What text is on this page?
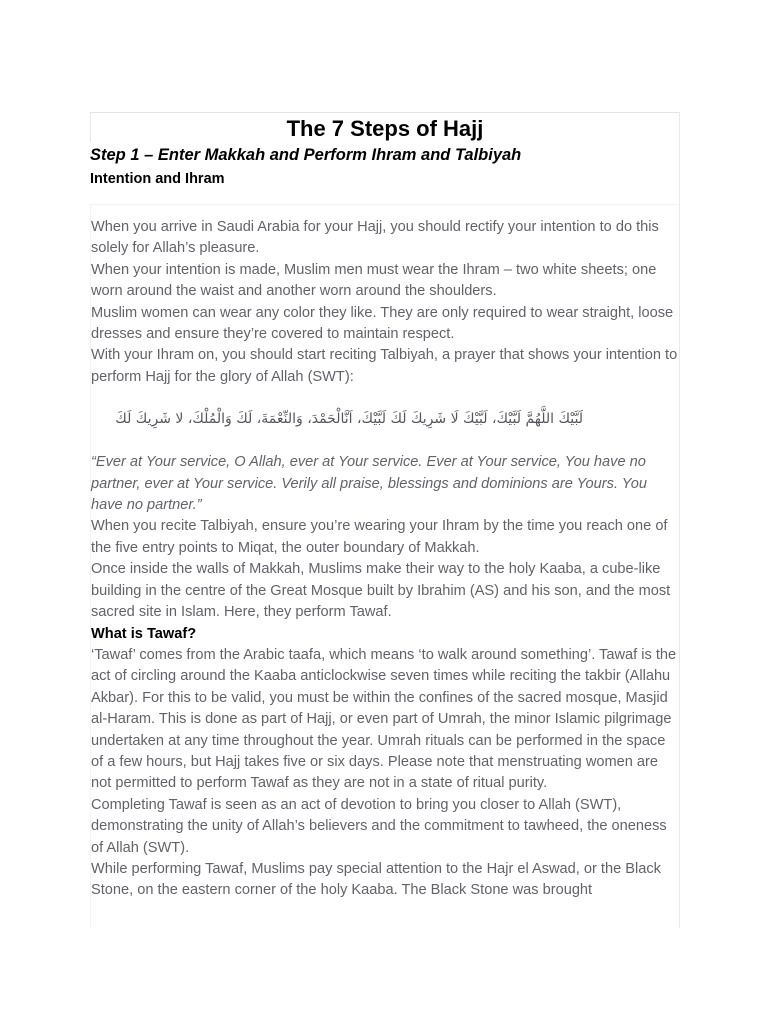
The 7 Steps of Hajj
Step 1 – Enter Makkah and Perform Ihram and Talbiyah
Intention and Ihram

When you arrive in Saudi Arabia for your Hajj, you should rectify your intention to do this solely for Allah’s pleasure.

When your intention is made, Muslim men must wear the Ihram – two white sheets; one worn around the waist and another worn around the shoulders.

Muslim women can wear any color they like. They are only required to wear straight, loose dresses and ensure they’re covered to maintain respect.

With your Ihram on, you should start reciting Talbiyah, a prayer that shows your intention to perform Hajj for the glory of Allah (SWT):

لَبَّيْكَ اللَّهُمَّ لَبَّيْكَ، لَبَّيْكَ لَا شَرِيكَ لَكَ لَبَّيْكَ، اَنَّالْحَمْدَ، وَالنِّعْمَةَ، لَكَ وَالْمُلْكَ، لا شَرِيكَ لَكَ

“Ever at Your service, O Allah, ever at Your service. Ever at Your service, You have no partner, ever at Your service. Verily all praise, blessings and dominions are Yours. You have no partner.”

When you recite Talbiyah, ensure you’re wearing your Ihram by the time you reach one of the five entry points to Miqat, the outer boundary of Makkah.

Once inside the walls of Makkah, Muslims make their way to the holy Kaaba, a cube-like building in the centre of the Great Mosque built by Ibrahim (AS) and his son, and the most sacred site in Islam. Here, they perform Tawaf.

What is Tawaf?

‘Tawaf’ comes from the Arabic taafa, which means ‘to walk around something’. Tawaf is the act of circling around the Kaaba anticlockwise seven times while reciting the takbir (Allahu Akbar). For this to be valid, you must be within the confines of the sacred mosque, Masjid al-Haram. This is done as part of Hajj, or even part of Umrah, the minor Islamic pilgrimage undertaken at any time throughout the year. Umrah rituals can be performed in the space of a few hours, but Hajj takes five or six days. Please note that menstruating women are not permitted to perform Tawaf as they are not in a state of ritual purity.

Completing Tawaf is seen as an act of devotion to bring you closer to Allah (SWT), demonstrating the unity of Allah’s believers and the commitment to tawheed, the oneness of Allah (SWT).

While performing Tawaf, Muslims pay special attention to the Hajr el Aswad, or the Black Stone, on the eastern corner of the holy Kaaba. The Black Stone was brought
